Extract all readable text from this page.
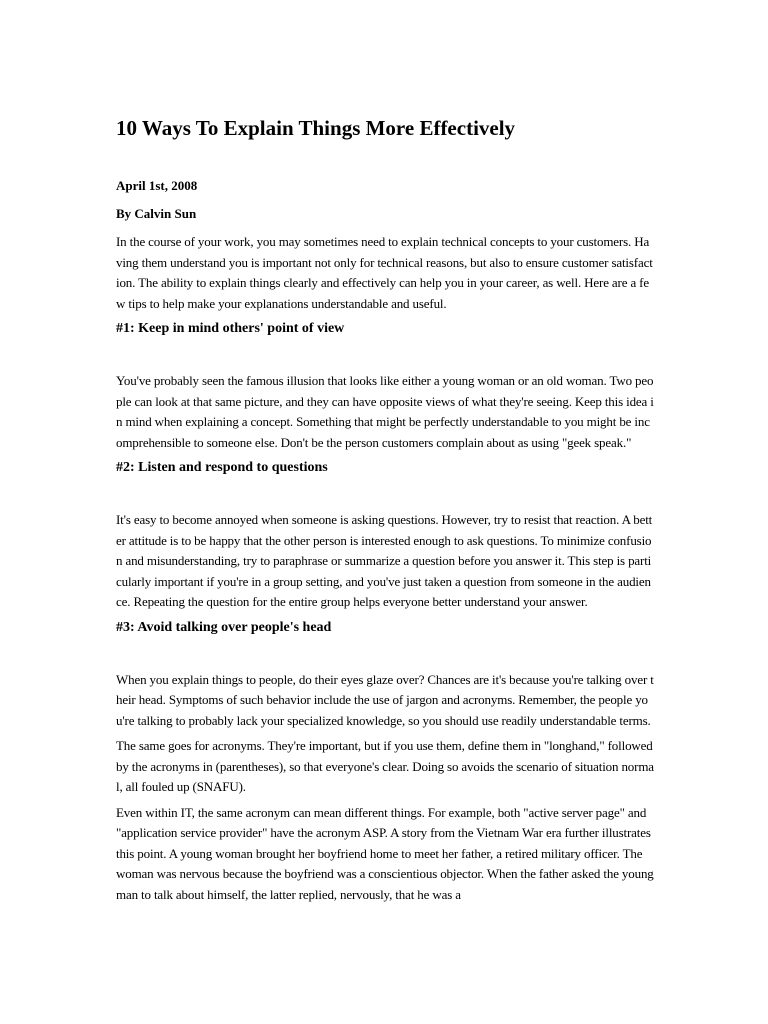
10 Ways To Explain Things More Effectively

April 1st, 2008

By Calvin Sun

In the course of your work, you may sometimes need to explain technical concepts to your customers. Having them understand you is important not only for technical reasons, but also to ensure customer satisfaction. The ability to explain things clearly and effectively can help you in your career, as well. Here are a few tips to help make your explanations understandable and useful.

#1: Keep in mind others' point of view

You've probably seen the famous illusion that looks like either a young woman or an old woman. Two people can look at that same picture, and they can have opposite views of what they're seeing. Keep this idea in mind when explaining a concept. Something that might be perfectly understandable to you might be incomprehensible to someone else. Don't be the person customers complain about as using "geek speak."

#2: Listen and respond to questions

It's easy to become annoyed when someone is asking questions. However, try to resist that reaction. A better attitude is to be happy that the other person is interested enough to ask questions. To minimize confusion and misunderstanding, try to paraphrase or summarize a question before you answer it. This step is particularly important if you're in a group setting, and you've just taken a question from someone in the audience. Repeating the question for the entire group helps everyone better understand your answer.

#3: Avoid talking over people's head

When you explain things to people, do their eyes glaze over? Chances are it's because you're talking over their head. Symptoms of such behavior include the use of jargon and acronyms. Remember, the people you're talking to probably lack your specialized knowledge, so you should use readily understandable terms.

The same goes for acronyms. They're important, but if you use them, define them in "longhand," followed by the acronyms in (parentheses), so that everyone's clear. Doing so avoids the scenario of situation normal, all fouled up (SNAFU).

Even within IT, the same acronym can mean different things. For example, both "active server page" and "application service provider" have the acronym ASP. A story from the Vietnam War era further illustrates this point. A young woman brought her boyfriend home to meet her father, a retired military officer. The woman was nervous because the boyfriend was a conscientious objector. When the father asked the young man to talk about himself, the latter replied, nervously, that he was a
